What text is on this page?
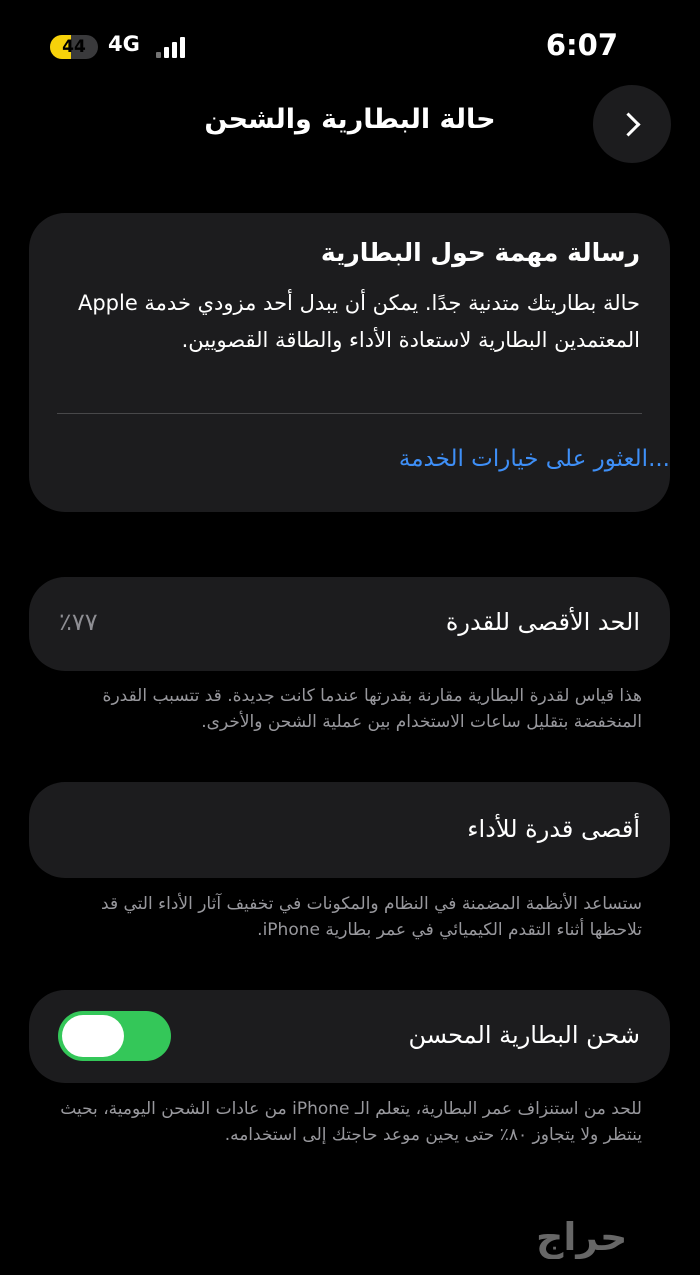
44	4G	6:07
حالة البطارية والشحن
رسالة مهمة حول البطارية
حالة بطاريتك متدنية جدًا. يمكن أن يبدل أحد مزودي خدمة Apple المعتمدين البطارية لاستعادة الأداء والطاقة القصويين.
العثور على خيارات الخدمة...
الحد الأقصى للقدرة
٧٧٪
هذا قياس لقدرة البطارية مقارنة بقدرتها عندما كانت جديدة. قد تتسبب القدرة المنخفضة بتقليل ساعات الاستخدام بين عملية الشحن والأخرى.
أقصى قدرة للأداء
ستساعد الأنظمة المضمنة في النظام والمكونات في تخفيف آثار الأداء التي قد تلاحظها أثناء التقدم الكيميائي في عمر بطارية iPhone.
شحن البطارية المحسن
للحد من استنزاف عمر البطارية، يتعلم الـ iPhone من عادات الشحن اليومية، بحيث ينتظر ولا يتجاوز ٨٠٪ حتى يحين موعد حاجتك إلى استخدامه.
حراج
